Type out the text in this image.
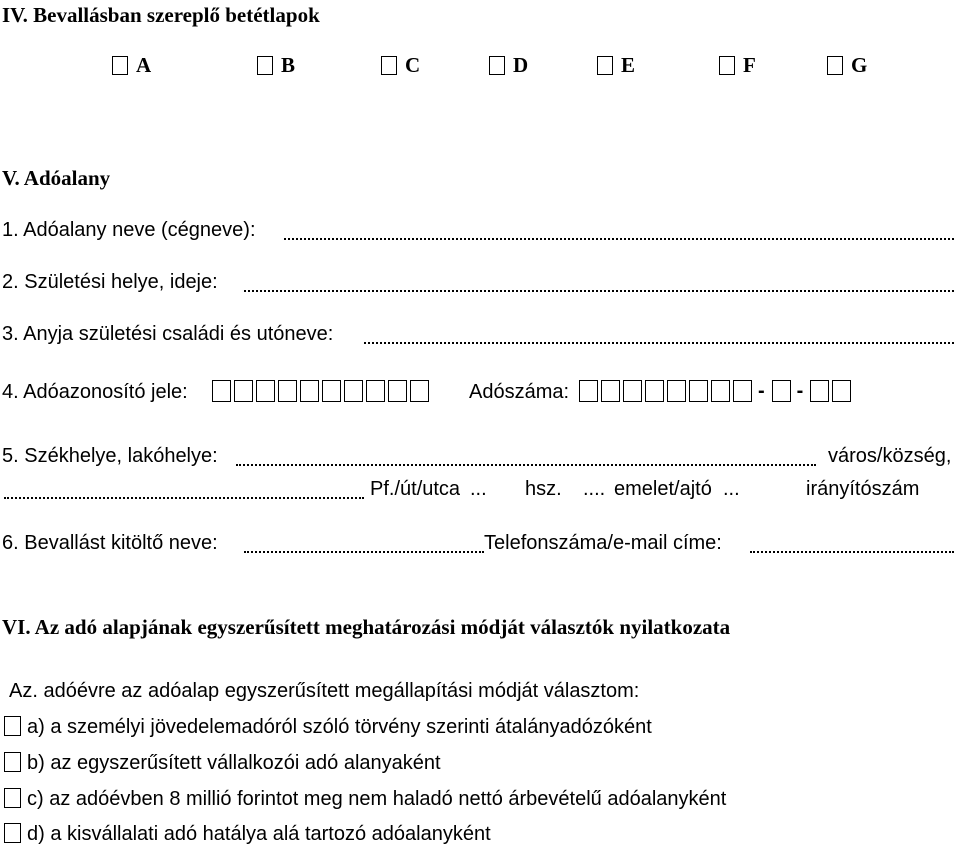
IV. Bevallásban szereplő betétlapok
A	B	C	D	E	F	G
V. Adóalany
1. Adóalany neve (cégneve):
2. Születési helye, ideje:
3. Anyja születési családi és utóneve:
4. Adóazonosító jele:	Adószáma:	- -
5. Székhelye, lakóhelye:	város/község,
Pf./út/utca ... hsz. .... emelet/ajtó ...	irányítószám
6. Bevallást kitöltő neve:	Telefonszáma/e-mail címe:
VI. Az adó alapjának egyszerűsített meghatározási módját választók nyilatkozata
Az. adóévre az adóalap egyszerűsített megállapítási módját választom:
a) a személyi jövedelemadóról szóló törvény szerinti átalányadózóként
b) az egyszerűsített vállalkozói adó alanyaként
c) az adóévben 8 millió forintot meg nem haladó nettó árbevételű adóalanyként
d) a kisvállalati adó hatálya alá tartozó adóalanyként
